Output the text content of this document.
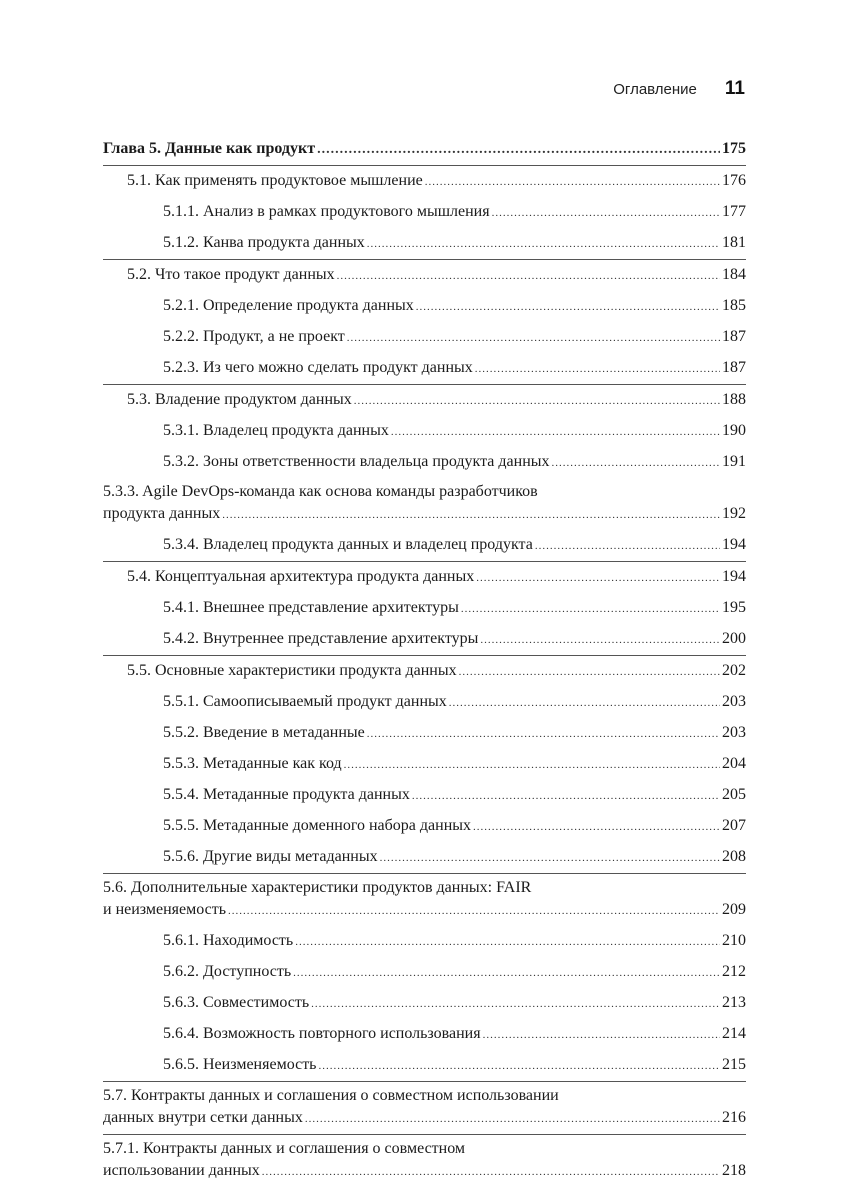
Оглавление 11
Глава 5. Данные как продукт .....	175
5.1. Как применять продуктовое мышление .....	176
5.1.1. Анализ в рамках продуктового мышления .....	177
5.1.2. Канва продукта данных .....	181
5.2. Что такое продукт данных .....	184
5.2.1. Определение продукта данных .....	185
5.2.2. Продукт, а не проект .....	187
5.2.3. Из чего можно сделать продукт данных .....	187
5.3. Владение продуктом данных .....	188
5.3.1. Владелец продукта данных .....	190
5.3.2. Зоны ответственности владельца продукта данных .....	191
5.3.3. Agile DevOps-команда как основа команды разработчиков
продукта данных .....	192
5.3.4. Владелец продукта данных и владелец продукта .....	194
5.4. Концептуальная архитектура продукта данных .....	194
5.4.1. Внешнее представление архитектуры .....	195
5.4.2. Внутреннее представление архитектуры .....	200
5.5. Основные характеристики продукта данных .....	202
5.5.1. Самоописываемый продукт данных .....	203
5.5.2. Введение в метаданные .....	203
5.5.3. Метаданные как код .....	204
5.5.4. Метаданные продукта данных .....	205
5.5.5. Метаданные доменного набора данных .....	207
5.5.6. Другие виды метаданных .....	208
5.6. Дополнительные характеристики продуктов данных: FAIR
и неизменяемость .....	209
5.6.1. Находимость .....	210
5.6.2. Доступность .....	212
5.6.3. Совместимость .....	213
5.6.4. Возможность повторного использования .....	214
5.6.5. Неизменяемость .....	215
5.7. Контракты данных и соглашения о совместном использовании
данных внутри сетки данных .....	216
5.7.1. Контракты данных и соглашения о совместном
использовании данных .....	218
